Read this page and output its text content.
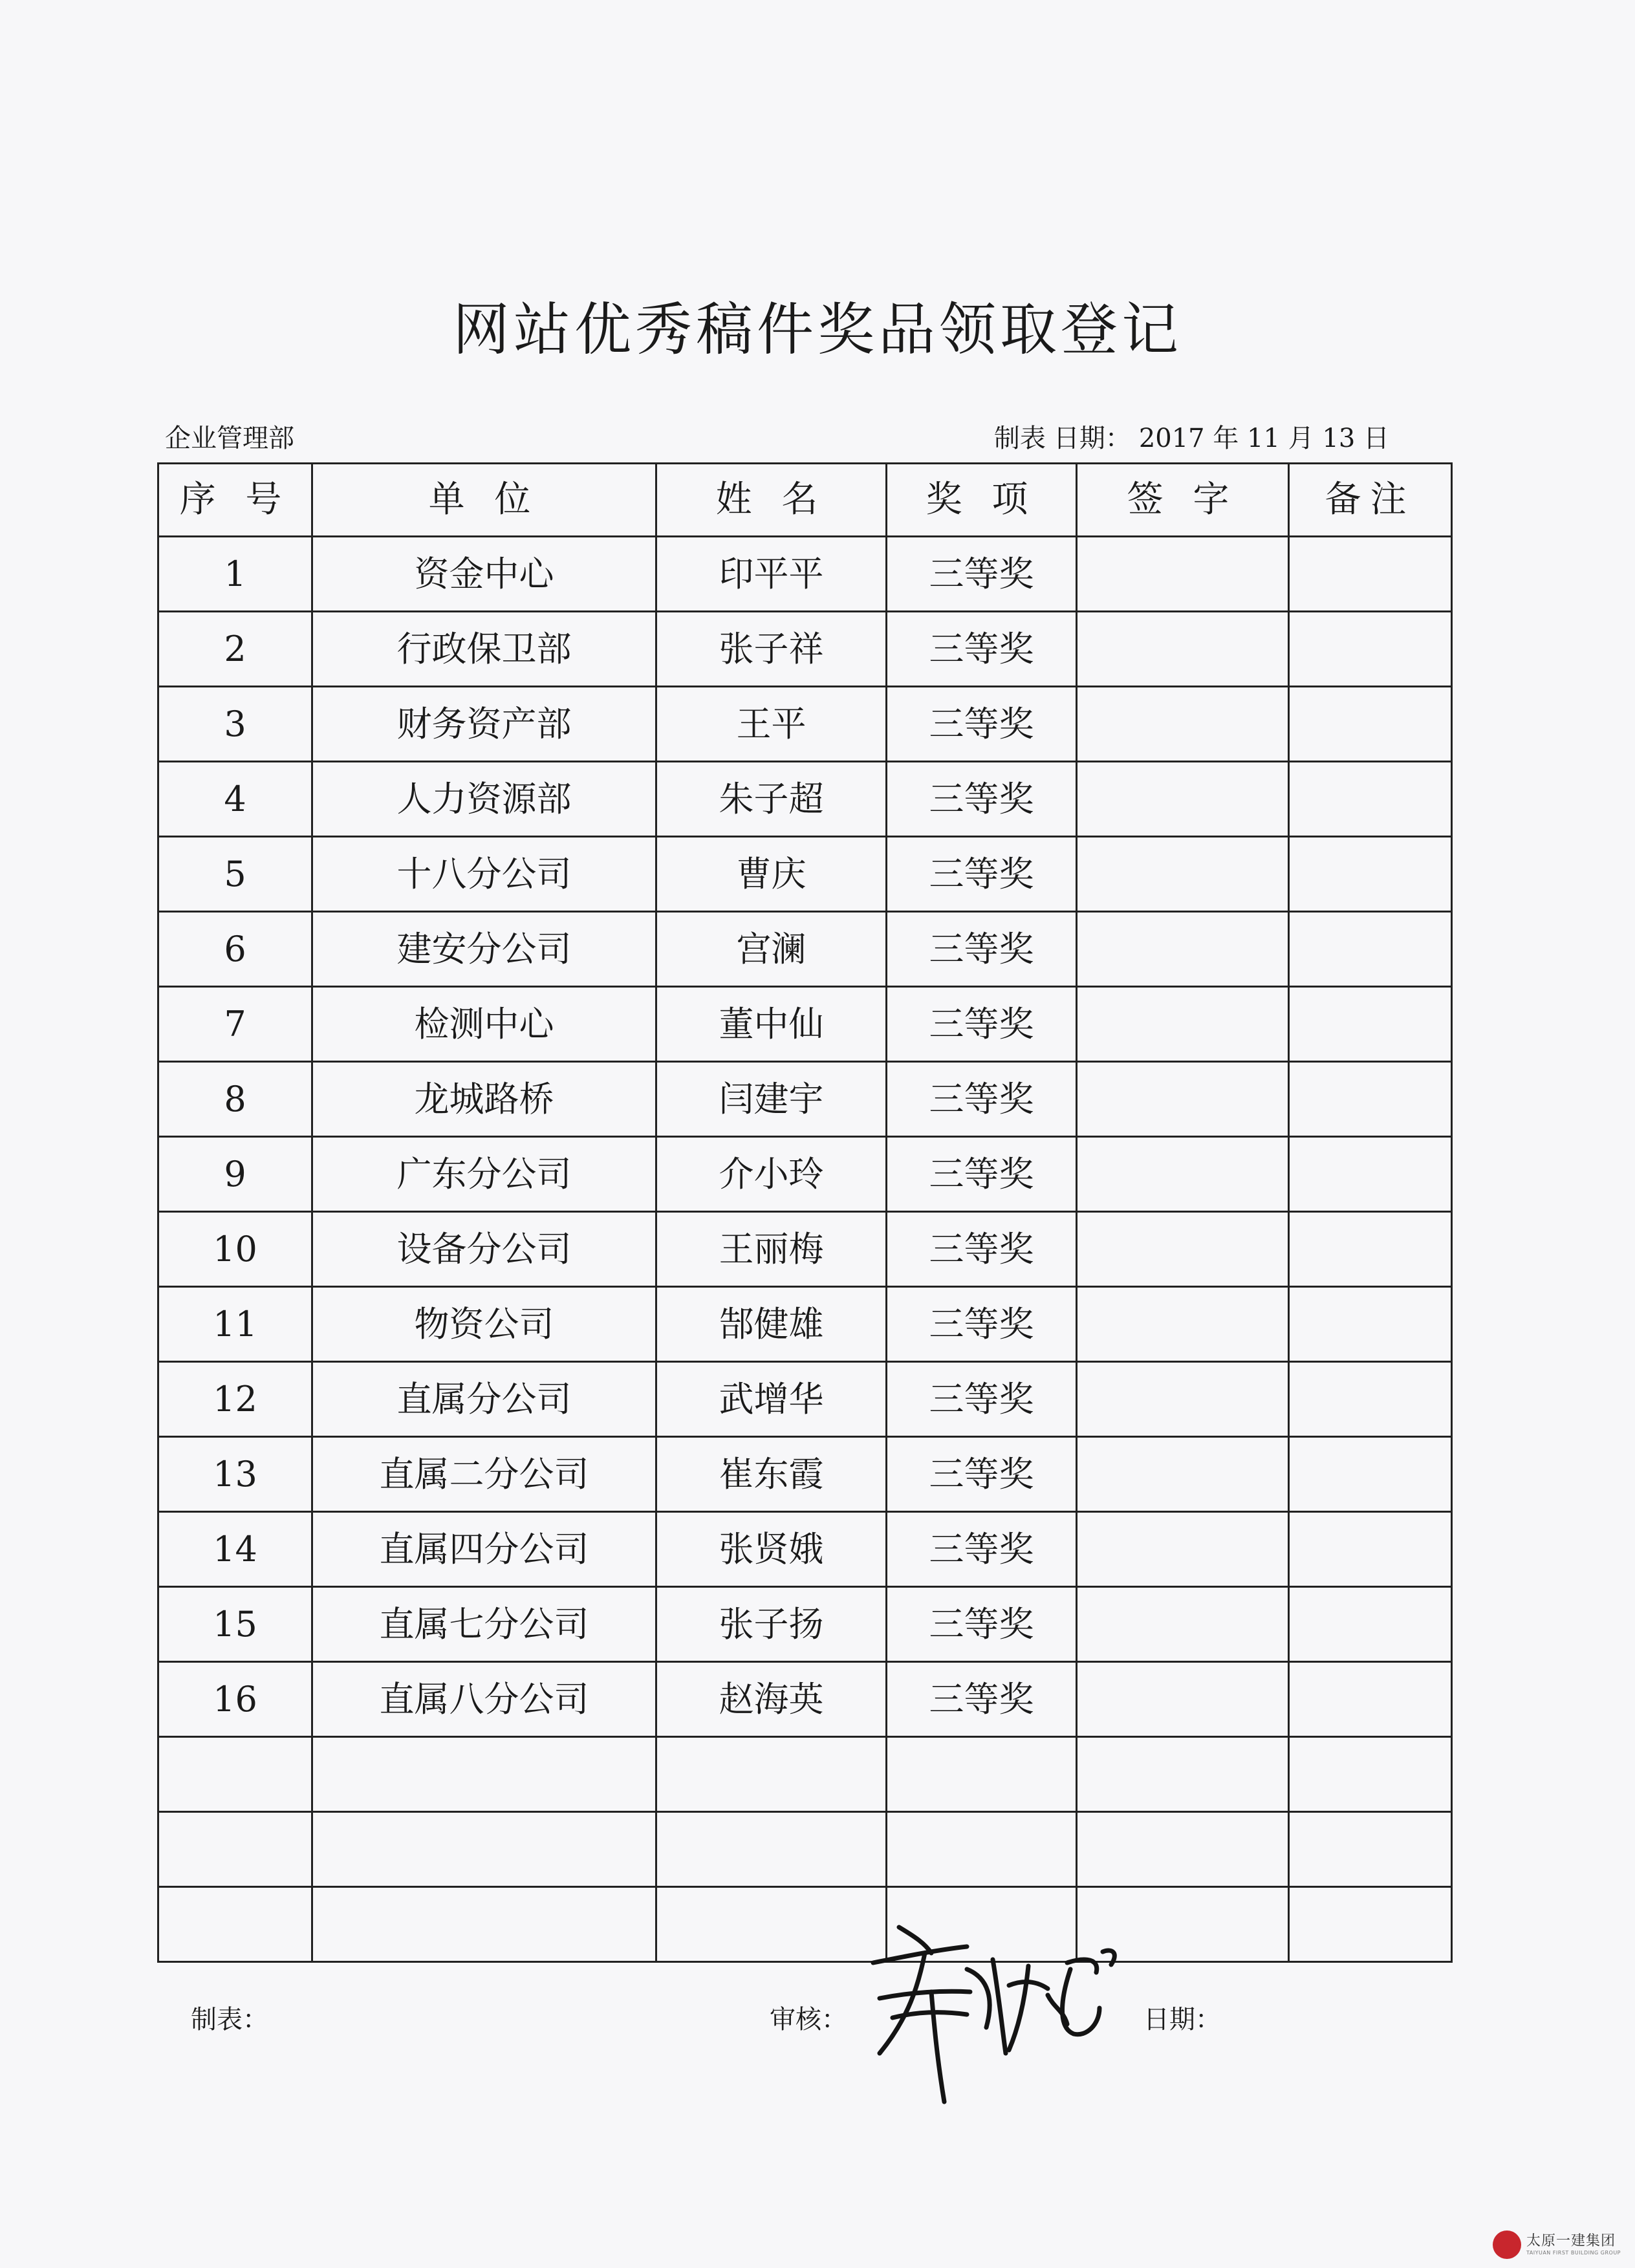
网站优秀稿件奖品领取登记
企业管理部	制表 日期： 2017 年 11 月 13 日
序 号	单 位	姓 名	奖 项	签 字	备注
1	资金中心	印平平	三等奖		
2	行政保卫部	张子祥	三等奖		
3	财务资产部	王平	三等奖		
4	人力资源部	朱子超	三等奖		
5	十八分公司	曹庆	三等奖		
6	建安分公司	宫澜	三等奖		
7	检测中心	董中仙	三等奖		
8	龙城路桥	闫建宇	三等奖		
9	广东分公司	介小玲	三等奖		
10	设备分公司	王丽梅	三等奖		
11	物资公司	郜健雄	三等奖		
12	直属分公司	武增华	三等奖		
13	直属二分公司	崔东霞	三等奖		
14	直属四分公司	张贤娥	三等奖		
15	直属七分公司	张子扬	三等奖		
16	直属八分公司	赵海英	三等奖		

制表：	审核：	日期：
太原一建集团
TAIYUAN FIRST BUILDING GROUP
